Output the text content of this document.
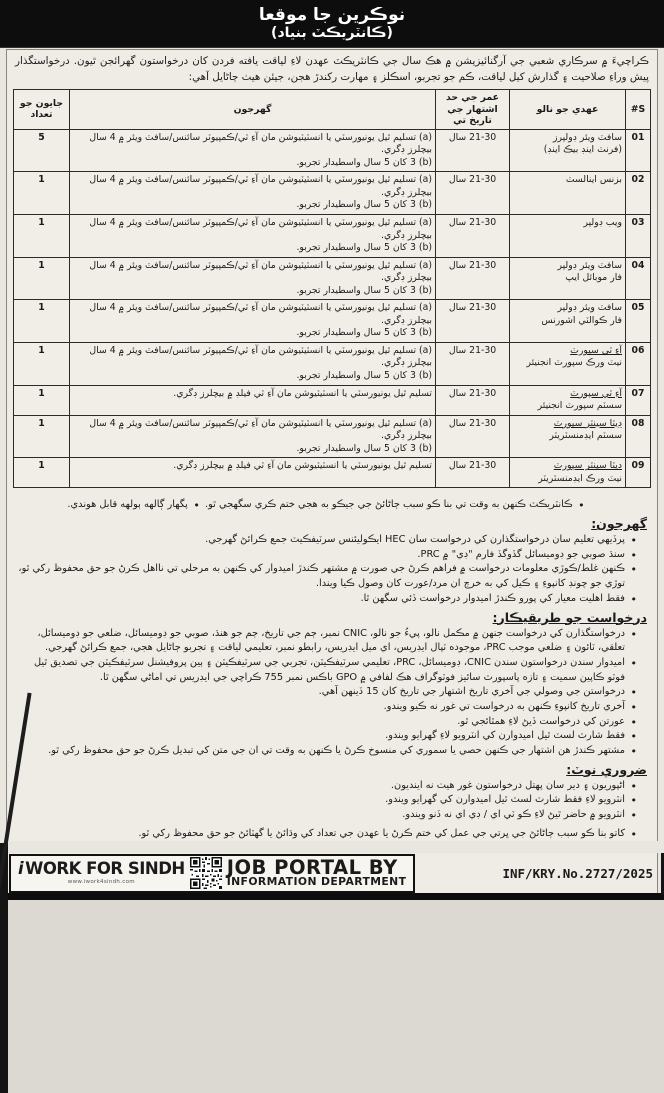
نوڪرين جا موقعا
(ڪانٽريڪٽ بنياد)

ڪراچيءَ ۾ سرڪاري شعبي جي آرگنائيزيشن ۾ هڪ سال جي ڪانٽريڪٽ عهدن لاءِ لياقت يافته فردن کان درخواستون گهرائجن ٿيون. درخواستگذار پيش وراءِ صلاحيت ۽ گذارش کيل لياقت، ڪم جو تجربو، اسڪلز ۽ مهارت رکندڙ هجن، جيئن هيٺ ڄاڻايل آهي:

S#
عهدي جو نالو
عمر جي حد اشتهار جي تاريخ تي
گهرجون
جايون جو تعداد
01
سافٽ ويئر ڊولپرز
(فرنٽ اينڊ بيڪ اينڊ)
21-30 سال
(a) تسليم ٿيل يونيورسٽي يا انسٽيٽيوشن مان آءِ ٽي/ڪمپيوٽر سائنس/سافٽ ويئر ۾ 4 سال بيچلرز ڊگري.
(b) 3 کان 5 سال واسطيدار تجربو.
5
02
بزنس اينالسٽ
21-30 سال
(a) تسليم ٿيل يونيورسٽي يا انسٽيٽيوشن مان آءِ ٽي/ڪمپيوٽر سائنس/سافٽ ويئر ۾ 4 سال بيچلرز ڊگري.
(b) 3 کان 5 سال واسطيدار تجربو.
1
03
ويب ڊولپر
21-30 سال
(a) تسليم ٿيل يونيورسٽي يا انسٽيٽيوشن مان آءِ ٽي/ڪمپيوٽر سائنس/سافٽ ويئر ۾ 4 سال بيچلرز ڊگري.
(b) 3 کان 5 سال واسطيدار تجربو.
1
04
سافٽ ويئر ڊولپر
فار موبائل ايپ
21-30 سال
(a) تسليم ٿيل يونيورسٽي يا انسٽيٽيوشن مان آءِ ٽي/ڪمپيوٽر سائنس/سافٽ ويئر ۾ 4 سال بيچلرز ڊگري.
(b) 3 کان 5 سال واسطيدار تجربو.
1
05
سافٽ ويئر ڊولپر
فار ڪوالٽي اشورنس
21-30 سال
(a) تسليم ٿيل يونيورسٽي يا انسٽيٽيوشن مان آءِ ٽي/ڪمپيوٽر سائنس/سافٽ ويئر ۾ 4 سال بيچلرز ڊگري.
(b) 3 کان 5 سال واسطيدار تجربو.
1
06
آءِ ٽي سپورٽ
نيٽ ورڪ سپورٽ انجنيئر
21-30 سال
(a) تسليم ٿيل يونيورسٽي يا انسٽيٽيوشن مان آءِ ٽي/ڪمپيوٽر سائنس/سافٽ ويئر ۾ 4 سال بيچلرز ڊگري.
(b) 3 کان 5 سال واسطيدار تجربو.
1
07
آءِ ٽي سپورٽ
سسٽم سپورٽ انجنيئر
21-30 سال
تسليم ٿيل يونيورسٽي يا انسٽيٽيوشن مان آءِ ٽي فيلڊ ۾ بيچلرز ڊگري.
1
08
ڊيٽا سينٽر سپورٽ
سسٽم ايڊمنسٽريٽر
21-30 سال
(a) تسليم ٿيل يونيورسٽي يا انسٽيٽيوشن مان آءِ ٽي/ڪمپيوٽر سائنس/سافٽ ويئر ۾ 4 سال بيچلرز ڊگري.
(b) 3 کان 5 سال واسطيدار تجربو.
1
09
ڊيٽا سينٽر سپورٽ
نيٽ ورڪ ايڊمنسٽريٽر
21-30 سال
تسليم ٿيل يونيورسٽي يا انسٽيٽيوشن مان آءِ ٽي فيلڊ ۾ بيچلرز ڊگري.
1
• ڪانٽريڪٽ ڪنهن به وقت تي بنا ڪو سبب ڄاڻائڻ جي جيڪو به هجي ختم ڪري سگهجي ٿو. • پگهار ڳالهه ٻولهه قابل هوندي.
گهرجون:
• پرڏيهي تعليم سان درخواستگذارن کي درخواست سان HEC ايڪوليئنس سرٽيفڪيٽ جمع ڪرائڻ گهرجي.
• سنڌ صوبي جو ڊوميسائل گڏوگڏ فارم "ڊي" ۾ PRC.
• ڪنهن غلط/ڪوڙي معلومات درخواست ۾ فراهم ڪرڻ جي صورت ۾ مشتهر ڪندڙ اميدوار کي ڪنهن به مرحلي تي نااهل ڪرڻ جو حق محفوظ رکي ٿو، توڙي جو چونڊ کانپوءِ ۽ ڪيل کي به خرچ ان مرد/عورت کان وصول ڪيا ويندا.
• فقط اهليت معيار کي پورو ڪندڙ اميدوار درخواست ڏئي سگهن ٿا.
درخواست جو طريقيڪار:
• درخواستگذارن کي درخواست جنهن ۾ مڪمل نالو، پيءُ جو نالو، CNIC نمبر، ڄم جي تاريخ، ڄم جو هنڌ، صوبي جو ڊوميسائل، ضلعي جو ڊوميسائل، تعلقي، ٽائون ۽ ضلعي موجب PRC، موجوده ٽپال ايڊريس، اي ميل ايڊريس، رابطو نمبر، تعليمي لياقت ۽ تجربو ڄاڻايل هجي، جمع ڪرائڻ گهرجي.
• اميدوار سندن درخواستون سندن CNIC، ڊوميسائل، PRC، تعليمي سرٽيفڪيٽن، تجربي جي سرٽيفڪيٽن ۽ ٻين پروفيشنل سرٽيفڪيٽن جي تصديق ٿيل فوٽو ڪاپين سميت ۽ تازه پاسپورٽ سائيز فوٽوگراف هڪ لفافي ۾ GPO باڪس نمبر 755 ڪراچي جي ايڊريس تي اماڻي سگهن ٿا.
• درخواستن جي وصولي جي آخري تاريخ اشتهار جي تاريخ کان 15 ڏينهن آهي.
• آخري تاريخ کانپوءِ ڪنهن به درخواست تي غور نه ڪيو ويندو.
• عورتن کي درخواست ڏيڻ لاءِ همٿائجي ٿو.
• فقط شارٽ لسٽ ٿيل اميدوارن کي انٽرويو لاءِ گهرايو ويندو.
• مشتهر ڪندڙ هن اشتهار جي ڪنهن حصي يا سموري کي منسوخ ڪرڻ يا ڪنهن به وقت تي ان جي متن کي تبديل ڪرڻ جو حق محفوظ رکي ٿو.
ضروري نوٽ:
• اڻپوريون ۽ دير سان پهتل درخواستون غور هيٺ نه اينديون.
• انٽرويو لاءِ فقط شارٽ لسٽ ٿيل اميدوارن کي گهرايو ويندو.
• انٽرويو ۾ حاضر ٿيڻ لاءِ ڪو ٽي اي / ڊي اي نه ڏنو ويندو.
• کاتو بنا ڪو سبب ڄاڻائڻ جي ڀرتي جي عمل کي ختم ڪرڻ يا عهدن جي تعداد کي وڌائڻ يا گهٽائڻ جو حق محفوظ رکي ٿو.
i WORK FOR SINDH
www.iwork4sindh.com
JOB PORTAL BY
INFORMATION DEPARTMENT
INF/KRY.No.2727/2025
